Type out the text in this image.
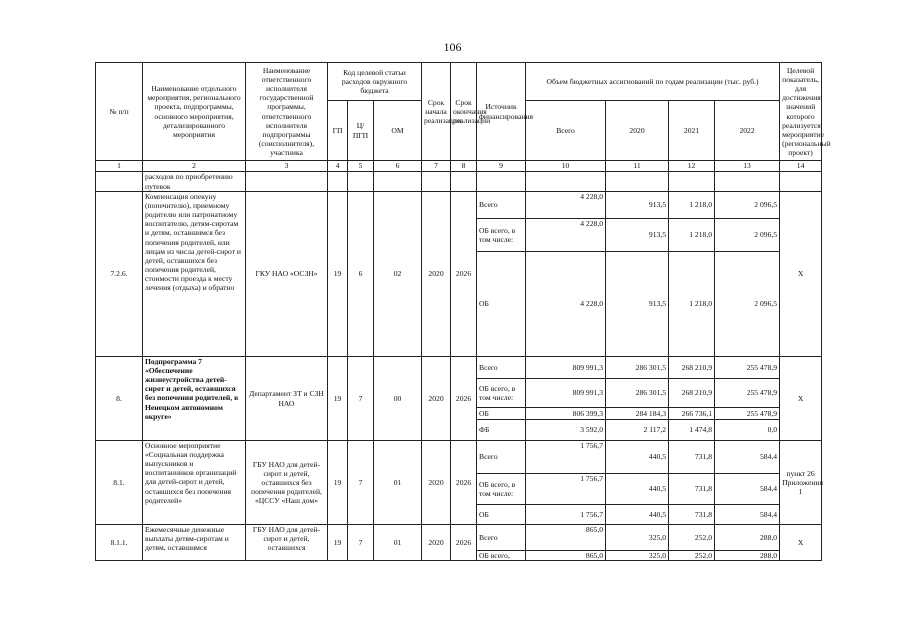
106
№ п/п	Наименование отдельного мероприятия, регионального проекта, подпрограммы, основного мероприятия, детализированного мероприятия	Наименование ответственного исполнителя государственной программы, ответственного исполнителя подпрограммы (соисполнителя), участника	Код целевой статьи расходов окружного бюджета			Срок начала реализации	Срок окончания реализации	Источник финансирования	Объем бюджетных ассигнований по годам реализации (тыс. руб.)				Целевой показатель, для достижения значений которого реализуется мероприятие (региональный проект)
			ГП	Ц/ПГП	ОМ				Всего	2020	2021	2022	
1	2	3	4	5	6	7	8	9	10	11	12	13	14
	расходов по приобретению путевок												
7.2.6.	Компенсация опекуну (попечителю), приемному родителю или патронатному воспитателю, детям-сиротам и детям, оставшимся без попечения родителей, или лицам из числа детей-сирот и детей, оставшихся без попечения родителей, стоимости проезда к месту лечения (отдыха) и обратно	ГКУ НАО «ОСЗН»	19	6	02	2020	2026	Всего	4 228,0	913,5	1 218,0	2 096,5	Х
								ОБ всего, в том числе:	4 228,0	913,5	1 218,0	2 096,5	
								ОБ	4 228,0	913,5	1 218,0	2 096,5	
8.	Подпрограмма 7 «Обеспечение жизнеустройства детей-сирот и детей, оставшихся без попечения родителей, в Ненецком автономном округе»	Департамент ЗТ и СЗН НАО	19	7	00	2020	2026	Всего	809 991,3	286 301,5	268 210,9	255 478,9	Х
								ОБ всего, в том числе:	809 991,3	286 301,5	268 210,9	255 478,9	
								ОБ	806 399,3	284 184,3	266 736,1	255 478,9	
								ФБ	3 592,0	2 117,2	1 474,8	0,0	
8.1.	Основное мероприятие «Социальная поддержка выпускников и воспитанников организаций для детей-сирот и детей, оставшихся без попечения родителей»	ГБУ НАО для детей-сирот и детей, оставшихся без попечения родителей, «ЦССУ «Наш дом»	19	7	01	2020	2026	Всего	1 756,7	440,5	731,8	584,4	пункт 26 Приложения 1
								ОБ всего, в том числе:	1 756,7	440,5	731,8	584,4	
								ОБ	1 756,7	440,5	731,8	584,4	
8.1.1.	Ежемесячные денежные выплаты детям-сиротам и детям, оставшимся	ГБУ НАО для детей-сирот и детей, оставшихся	19	7	01	2020	2026	Всего	865,0	325,0	252,0	288,0	Х
								ОБ всего,	865,0	325,0	252,0	288,0	
